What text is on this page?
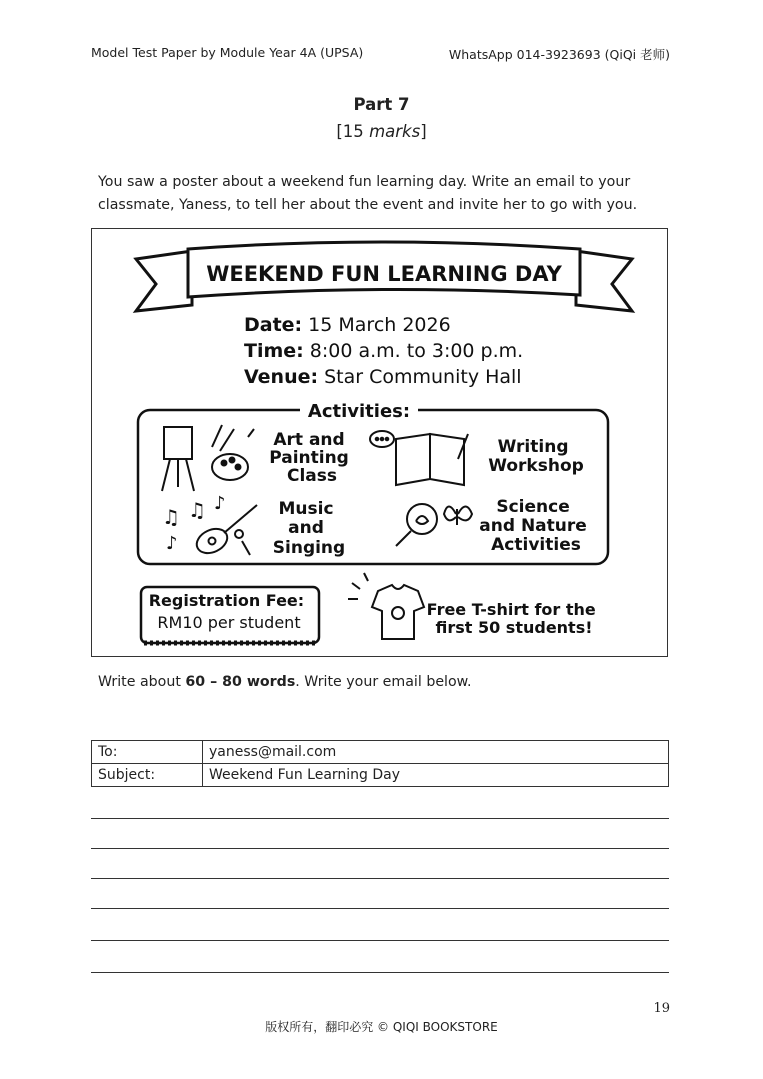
Model Test Paper by Module Year 4A (UPSA)	WhatsApp 014-3923693 (QiQi 老师)
Part 7
[15 marks]
You saw a poster about a weekend fun learning day. Write an email to your classmate, Yaness, to tell her about the event and invite her to go with you.
WEEKEND FUN LEARNING DAY
Date: 15 March 2026
Time: 8:00 a.m. to 3:00 p.m.
Venue: Star Community Hall
Activities:
Art and Painting Class
Writing Workshop
♫ ♫ ♪
♪
Music and Singing
Science and Nature Activities
Registration Fee: RM10 per student
Free T-shirt for the first 50 students!
Write about 60 – 80 words. Write your email below.
To:	yaness@mail.com
Subject:	Weekend Fun Learning Day
19
版权所有，翻印必究 © QIQI BOOKSTORE
